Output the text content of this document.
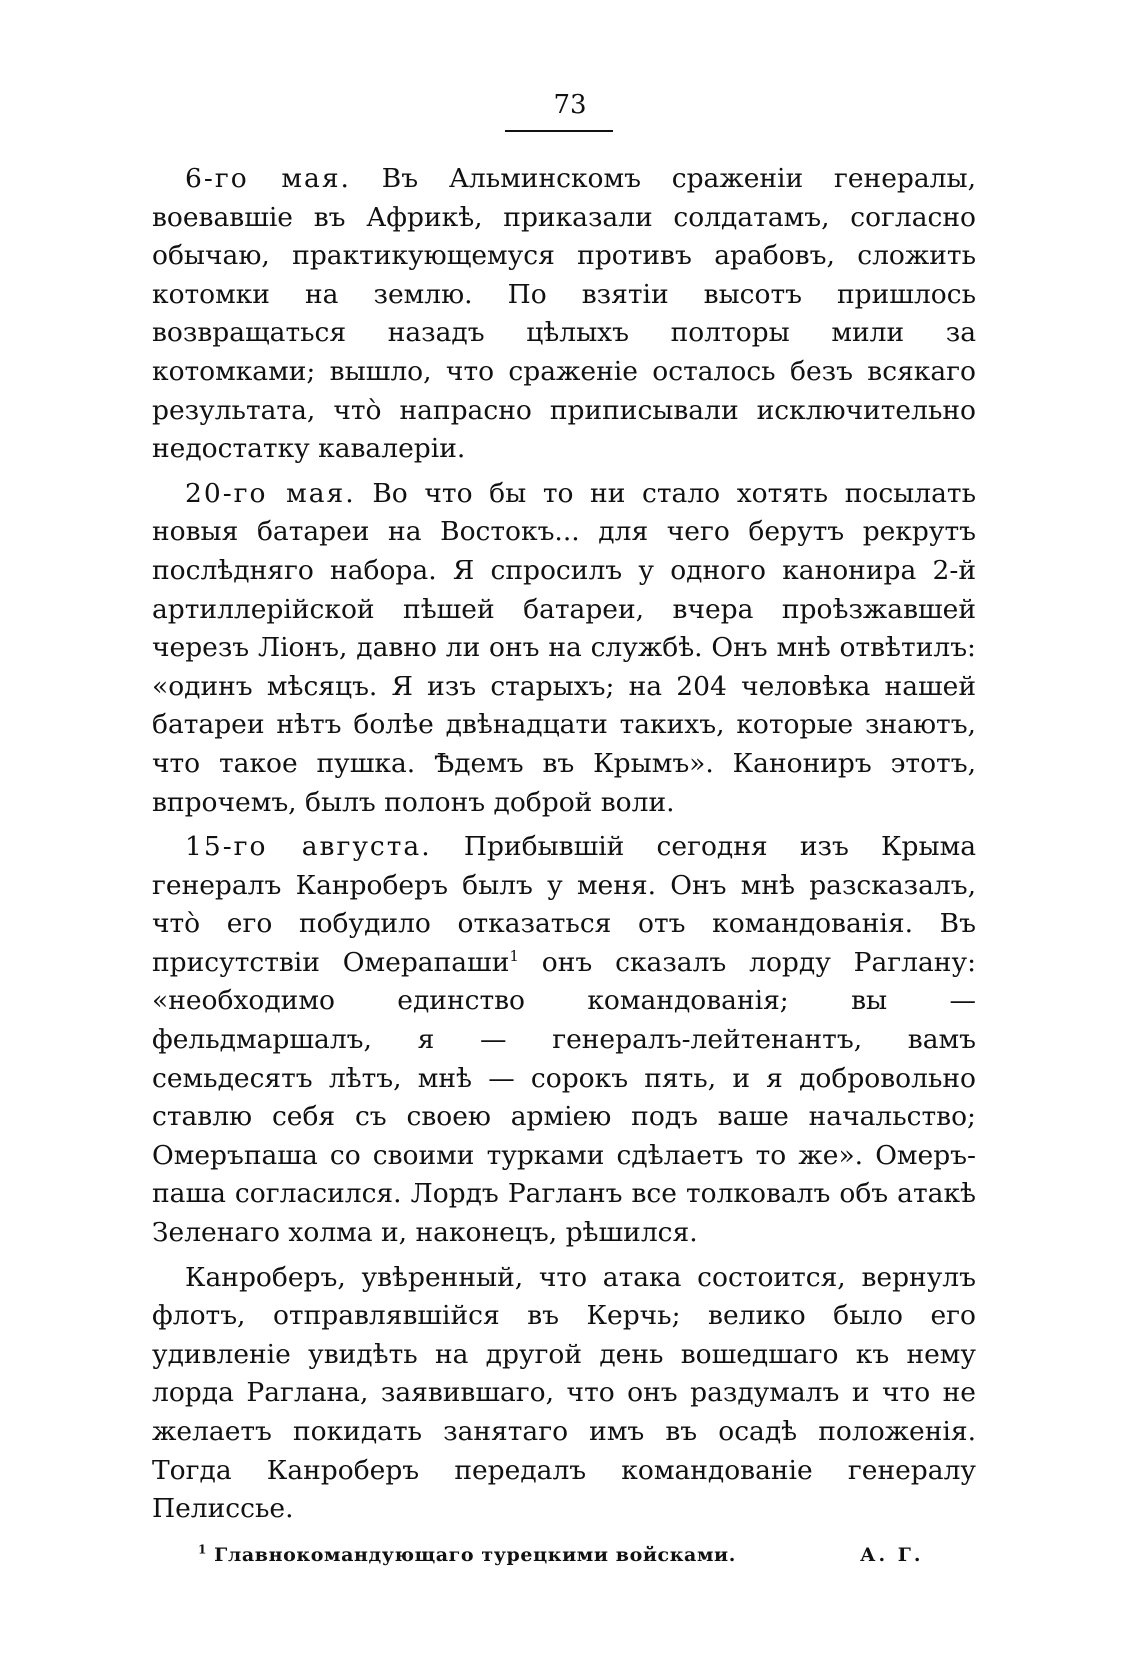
73

6-го мая. Въ Альминскомъ сраженіи генералы, воевавшіе въ Африкѣ, приказали солдатамъ, согласно обычаю, практикующемуся противъ арабовъ, сложить котомки на землю. По взятіи высотъ пришлось возвращаться назадъ цѣлыхъ полторы мили за котомками; вышло, что сраженіе осталось безъ всякаго результата, что̀ напрасно приписывали исключительно недостатку кавалеріи.

20-го мая. Во что бы то ни стало хотять посылать новыя батареи на Востокъ... для чего берутъ рекрутъ послѣдняго набора. Я спросилъ у одного канонира 2-й артиллерійской пѣшей батареи, вчера проѣзжавшей черезъ Ліонъ, давно ли онъ на службѣ. Онъ мнѣ отвѣтилъ: «одинъ мѣсяцъ. Я изъ старыхъ; на 204 человѣка нашей батареи нѣтъ болѣе двѣнадцати такихъ, которые знаютъ, что такое пушка. Ѣдемъ въ Крымъ». Канониръ этотъ, впрочемъ, былъ полонъ доброй воли.

15-го августа. Прибывшій сегодня изъ Крыма генералъ Канроберъ былъ у меня. Онъ мнѣ разсказалъ, что̀ его побудило отказаться отъ командованія. Въ присутствіи Омерапаши$^1$ онъ сказалъ лорду Раглану: «необходимо единство командованія; вы — фельдмаршалъ, я — генералъ-лейтенантъ, вамъ семьдесятъ лѣтъ, мнѣ — сорокъ пять, и я добровольно ставлю себя съ своею арміею подъ ваше начальство; Омеръпаша со своими турками сдѣлаетъ то же». Омеръ-паша согласился. Лордъ Рагланъ все толковалъ объ атакѣ Зеленаго холма и, наконецъ, рѣшился.

Канроберъ, увѣренный, что атака состоится, вернулъ флотъ, отправлявшійся въ Керчь; велико было его удивленіе увидѣть на другой день вошедшаго къ нему лорда Раглана, заявившаго, что онъ раздумалъ и что не желаетъ покидать занятаго имъ въ осадѣ положенія. Тогда Канроберъ передалъ командованіе генералу Пелиссье.

$^1$ Главнокомандующаго турецкими войсками.	А. Г.
